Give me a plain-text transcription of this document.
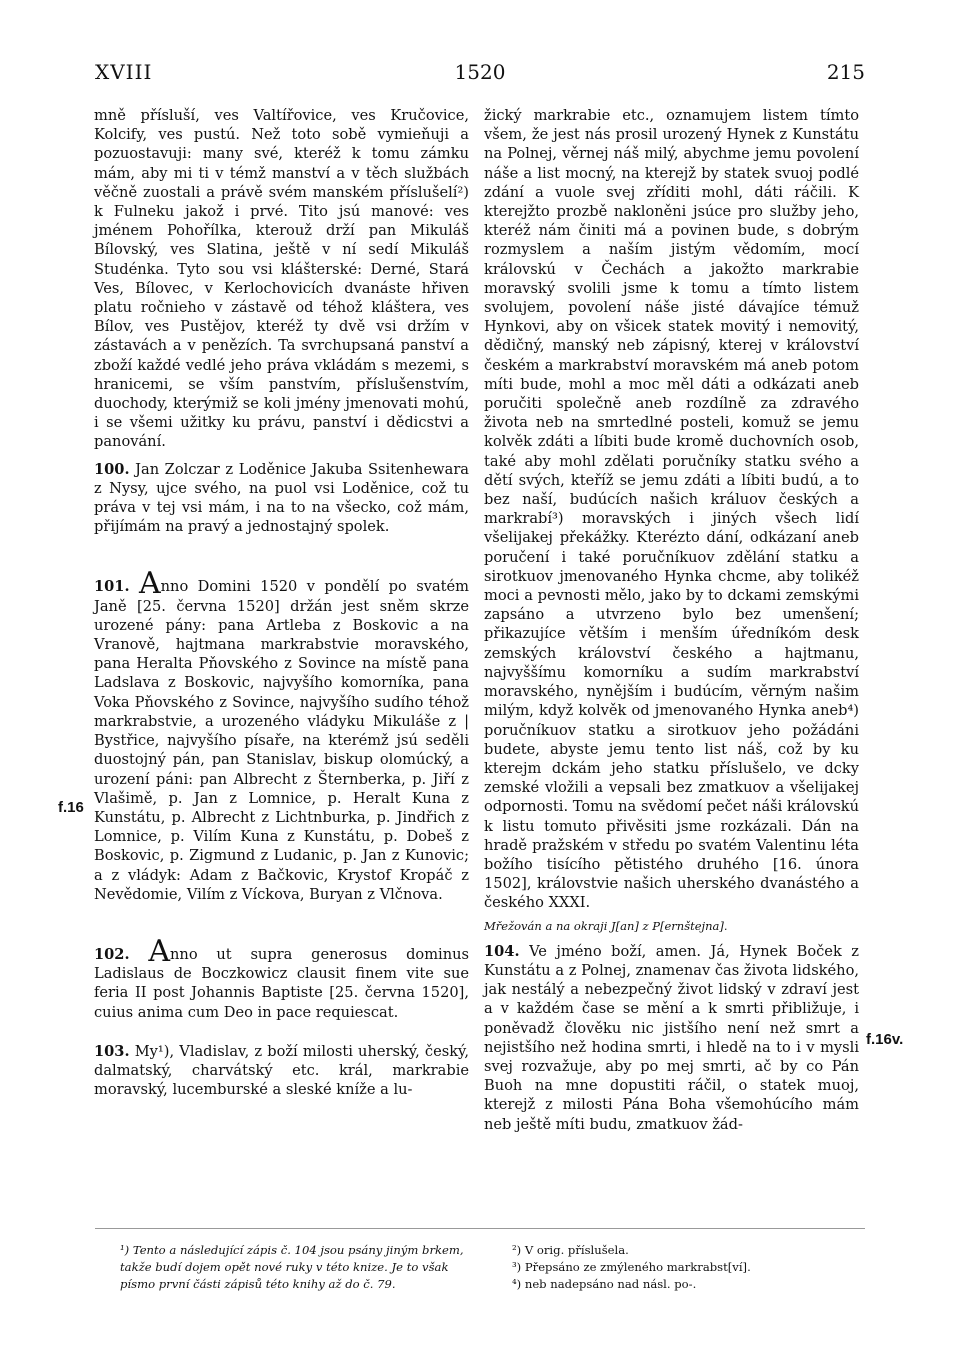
XVIII	1520	215

mně přísluší, ves Valtířovice, ves Kručovice, Kolcify, ves pustú. Než toto sobě vymieňuji a pozuostavuji: many své, kteréž k tomu zámku mám, aby mi ti v témž manství a v těch službách věčně zuostali a právě svém manském příslušelí²) k Fulneku jakož i prvé. Tito jsú manové: ves jménem Pohořílka, kterouž drží pan Mikuláš Bílovský, ves Slatina, ještě v ní sedí Mikuláš Studénka. Tyto sou vsi klášterské: Derné, Stará Ves, Bílovec, v Kerlochovicích dvanáste hřiven platu ročnieho v zástavě od téhož kláštera, ves Bílov, ves Pustějov, kteréž ty dvě vsi držím v zástavách a v penězích. Ta svrchupsaná panství a zboží každé vedlé jeho práva vkládám s mezemi, s hranicemi, se vším panstvím, příslušenstvím, duochody, kterýmiž se koli jmény jmenovati mohú, i se všemi užitky ku právu, panství i dědicstvi a panování.

100. Jan Zolczar z Loděnice Jakuba Ssitenhewara z Nysy, ujce svého, na puol vsi Loděnice, což tu práva v tej vsi mám, i na to na všecko, což mám, přijímám na pravý a jednostajný spolek.

101. Anno Domini 1520 v pondělí po svatém Janě [25. června 1520] držán jest sněm skrze urozené pány: pana Artleba z Boskovic a na Vranově, hajtmana markrabstvie moravského, pana Heralta Pňovského z Sovince na místě pana Ladslava z Boskovic, najvyšího komorníka, pana Voka Pňovského z Sovince, najvyšího sudího téhož markrabstvie, a urozeného vládyku Mikuláše z | Bystřice, najvyšího písaře, na kterémž jsú seděli duostojný pán, pan Stanislav, biskup olomúcký, a urození páni: pan Albrecht z Šternberka, p. Jiří z Vlašimě, p. Jan z Lomnice, p. Heralt Kuna z Kunstátu, p. Albrecht z Lichtnburka, p. Jindřich z Lomnice, p. Vilím Kuna z Kunstátu, p. Dobeš z Boskovic, p. Zigmund z Ludanic, p. Jan z Kunovic; a z vládyk: Adam z Bačkovic, Krystof Kropáč z Nevědomie, Vilím z Víckova, Buryan z Vlčnova.

102. Anno ut supra generosus dominus Ladislaus de Boczkowicz clausit finem vite sue feria II post Johannis Baptiste [25. června 1520], cuius anima cum Deo in pace requiescat.

103. My¹), Vladislav, z boží milosti uherský, český, dalmatský, charvátský etc. král, markrabie moravský, lucemburské a sleské kníže a lu-

f.16

žický markrabie etc., oznamujem listem tímto všem, že jest nás prosil urozený Hynek z Kunstátu na Polnej, věrnej náš milý, abychme jemu povolení náše a list mocný, na kterejž by statek svuoj podlé zdání a vuole svej zříditi mohl, dáti ráčili. K kterejžto prozbě nakloněni jsúce pro služby jeho, kteréž nám činiti má a povinen bude, s dobrým rozmyslem a naším jistým vědomím, mocí královskú v Čechách a jakožto markrabie moravský svolili jsme k tomu a tímto listem svolujem, povolení náše jisté dávajíce témuž Hynkovi, aby on všicek statek movitý i nemovitý, dědičný, manský neb zápisný, kterej v království českém a markrabství moravském má aneb potom míti bude, mohl a moc měl dáti a odkázati aneb poručiti společně aneb rozdílně za zdravého života neb na smrtedlné posteli, komuž se jemu kolvěk zdáti a líbiti bude kromě duchovních osob, také aby mohl zdělati poručníky statku svého a dětí svých, kteříž se jemu zdáti a líbiti budú, a to bez naší, budúcích našich králuov českých a markrabí³) moravských i jiných všech lidí všelijakej překážky. Kterézto dání, odkázaní aneb poručení i také poručníkuov zdělání statku a sirotkuov jmenovaného Hynka chcme, aby tolikéž moci a pevnosti mělo, jako by to dckami zemskými zapsáno a utvrzeno bylo bez umenšení; přikazujíce větším i menším úředníkóm desk zemských království českého a hajtmanu, najvyššímu komorníku a sudím markrabství moravského, nynějším i budúcím, věrným našim milým, když kolvěk od jmenovaného Hynka aneb⁴) poručníkuov statku a sirotkuov jeho požádáni budete, abyste jemu tento list náš, což by ku kterejm dckám jeho statku příslušelo, ve dcky zemské vložili a vepsali bez zmatkuov a všelijakej odpornosti. Tomu na svědomí pečet náši královskú k listu tomuto přivěsiti jsme rozkázali. Dán na hradě pražském v středu po svatém Valentinu léta božího tisícího pětistého druhého [16. února 1502], královstvie našich uherského dvanástého a českého XXXI.

Mřežován a na okraji J[an] z P[ernštejna].

104. Ve jméno boží, amen. Já, Hynek Boček z Kunstátu a z Polnej, znamenav čas života lidského, jak nestálý a nebezpečný život lidský v zdraví jest a v každém čase se mění a k smrti přibližuje, i poněvadž člověku nic jistšího není než smrt a nejistšího než hodina smrti, i hledě na to i v mysli svej rozvažuje, aby po mej smrti, ač by co Pán Buoh na mne dopustiti ráčil, o statek muoj, kterejž z milosti Pána Boha všemohúcího mám neb ještě míti budu, zmatkuov žád-

f.16v.
¹) Tento a následující zápis č. 104 jsou psány jiným brkem, takže budí dojem opět nové ruky v této knize. Je to však písmo první části zápisů této knihy až do č. 79.
²) V orig. příslušela.
³) Přepsáno ze zmýleného markrabst[ví].
⁴) neb nadepsáno nad násl. po-.
